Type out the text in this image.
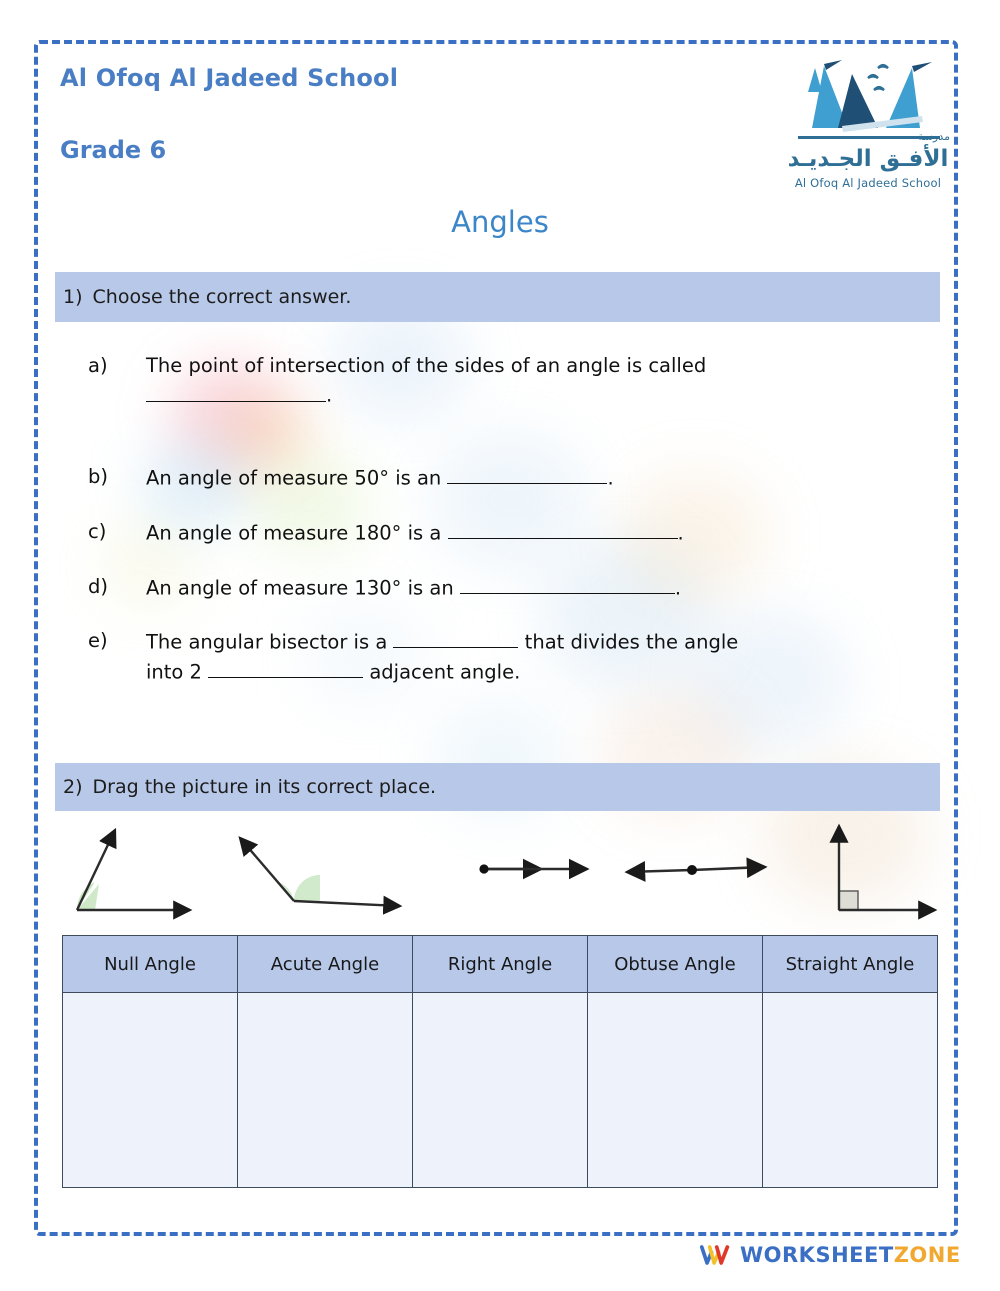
Al Ofoq Al Jadeed School
Grade 6	مدرسة
الأفـق الجـديـد
Al Ofoq Al Jadeed School
Angles
1) Choose the correct answer.
a)	The point of intersection of the sides of an angle is called
.
b)	An angle of measure 50° is an	.
c)	An angle of measure 180° is a	.
d)	An angle of measure 130° is an	.
e)	The angular bisector is a	that divides the angle
into 2	adjacent angle.
2) Drag the picture in its correct place.
Null Angle	Acute Angle	Right Angle	Obtuse Angle	Straight Angle

WORKSHEETZONE
